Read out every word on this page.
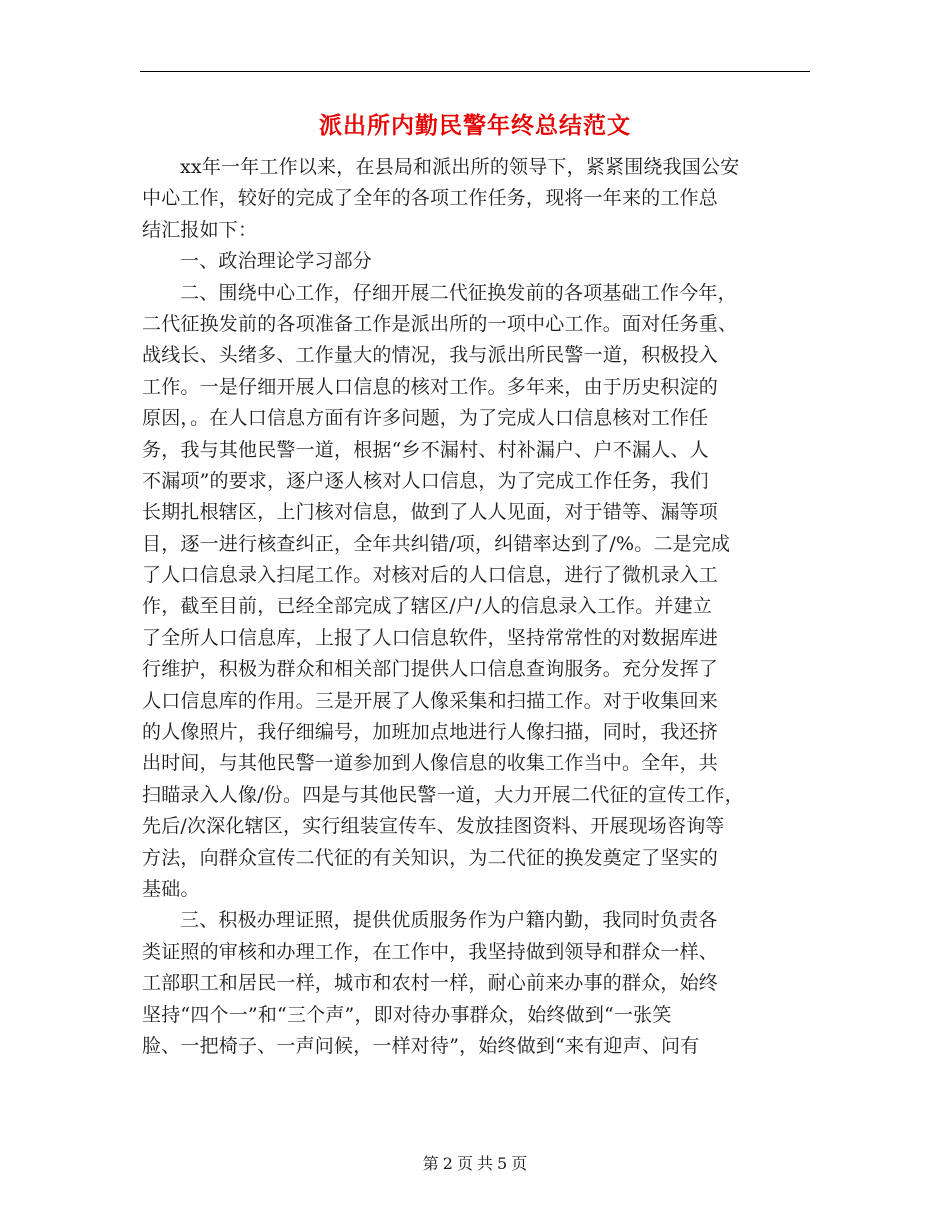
派出所内勤民警年终总结范文
xx年一年工作以来，在县局和派出所的领导下，紧紧围绕我国公安
中心工作，较好的完成了全年的各项工作任务，现将一年来的工作总
结汇报如下：
一、政治理论学习部分
二、围绕中心工作，仔细开展二代征换发前的各项基础工作今年，
二代征换发前的各项准备工作是派出所的一项中心工作。面对任务重、
战线长、头绪多、工作量大的情况，我与派出所民警一道，积极投入
工作。一是仔细开展人口信息的核对工作。多年来，由于历史积淀的
原因，。在人口信息方面有许多问题，为了完成人口信息核对工作任
务，我与其他民警一道，根据“乡不漏村、村补漏户、户不漏人、人
不漏项”的要求，逐户逐人核对人口信息，为了完成工作任务，我们
长期扎根辖区，上门核对信息，做到了人人见面，对于错等、漏等项
目，逐一进行核查纠正，全年共纠错/项，纠错率达到了/%。二是完成
了人口信息录入扫尾工作。对核对后的人口信息，进行了微机录入工
作，截至目前，已经全部完成了辖区/户/人的信息录入工作。并建立
了全所人口信息库，上报了人口信息软件，坚持常常性的对数据库进
行维护，积极为群众和相关部门提供人口信息查询服务。充分发挥了
人口信息库的作用。三是开展了人像采集和扫描工作。对于收集回来
的人像照片，我仔细编号，加班加点地进行人像扫描，同时，我还挤
出时间，与其他民警一道参加到人像信息的收集工作当中。全年，共
扫瞄录入人像/份。四是与其他民警一道，大力开展二代征的宣传工作，
先后/次深化辖区，实行组装宣传车、发放挂图资料、开展现场咨询等
方法，向群众宣传二代征的有关知识，为二代征的换发奠定了坚实的
基础。
三、积极办理证照，提供优质服务作为户籍内勤，我同时负责各
类证照的审核和办理工作，在工作中，我坚持做到领导和群众一样、
工部职工和居民一样，城市和农村一样，耐心前来办事的群众，始终
坚持“四个一”和“三个声”，即对待办事群众，始终做到“一张笑
脸、一把椅子、一声问候，一样对待”，始终做到“来有迎声、问有
第 2 页 共 5 页
